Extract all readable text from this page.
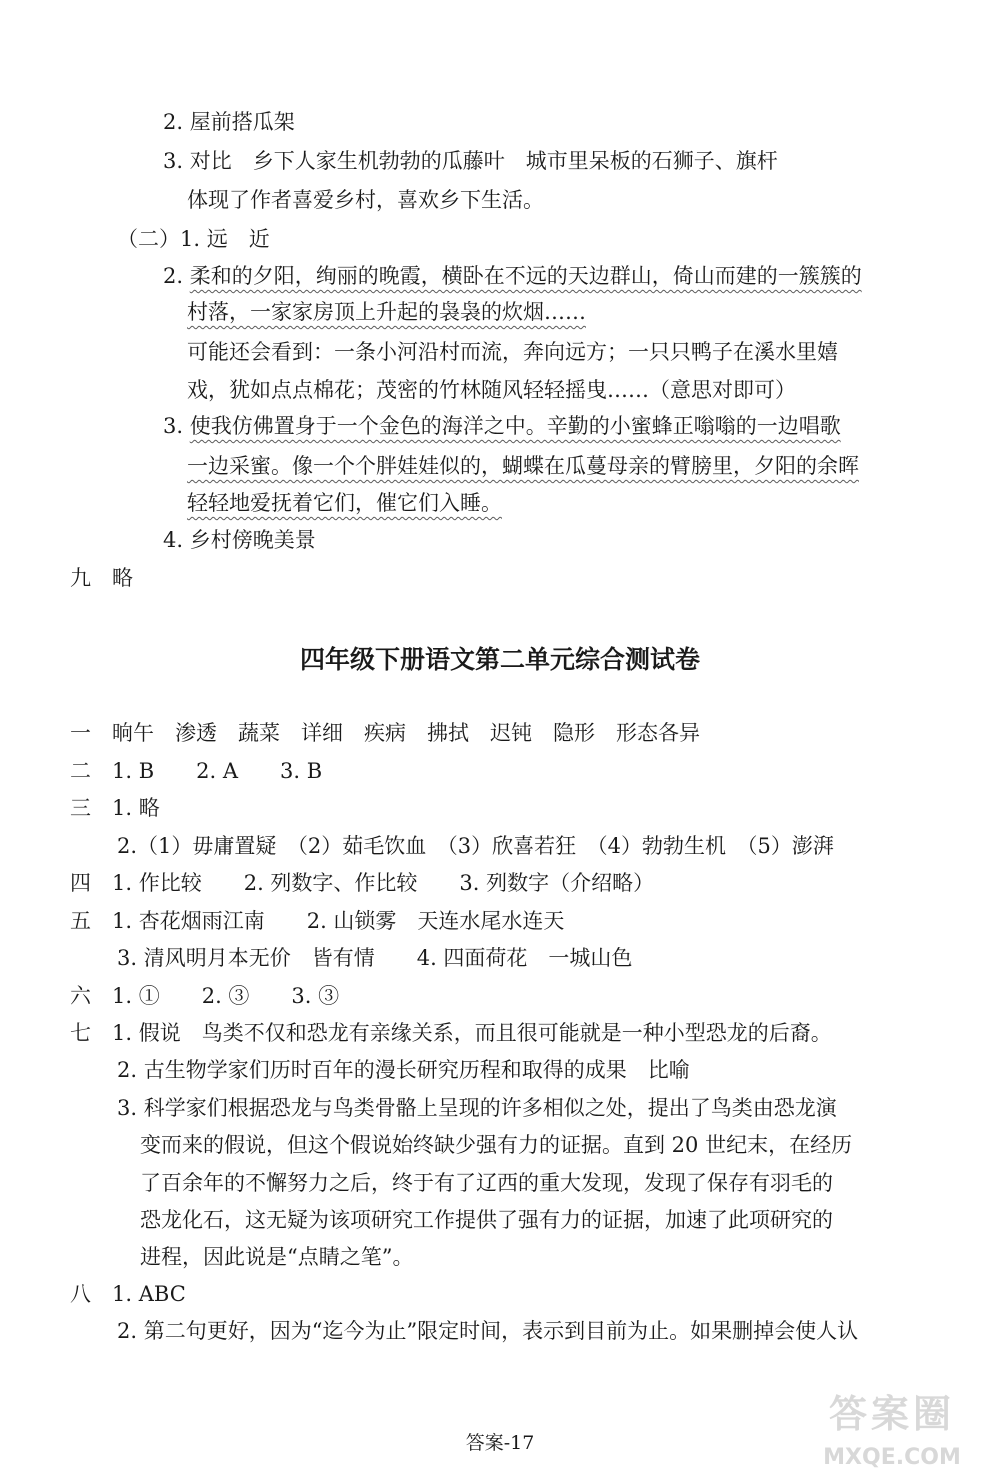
2. 屋前搭瓜架
3. 对比　乡下人家生机勃勃的瓜藤叶　城市里呆板的石狮子、旗杆
体现了作者喜爱乡村，喜欢乡下生活。
（二）1. 远　近
2. 柔和的夕阳，绚丽的晚霞，横卧在不远的天边群山，倚山而建的一簇簇的
村落，一家家房顶上升起的袅袅的炊烟……
可能还会看到：一条小河沿村而流，奔向远方；一只只鸭子在溪水里嬉
戏，犹如点点棉花；茂密的竹林随风轻轻摇曳……（意思对即可）
3. 使我仿佛置身于一个金色的海洋之中。辛勤的小蜜蜂正嗡嗡的一边唱歌
一边采蜜。像一个个胖娃娃似的，蝴蝶在瓜蔓母亲的臂膀里，夕阳的余晖
轻轻地爱抚着它们，催它们入睡。
4. 乡村傍晚美景
九　略
四年级下册语文第二单元综合测试卷
一　晌午　渗透　蔬菜　详细　疾病　拂拭　迟钝　隐形　形态各异
二　1. B　　2. A　　3. B
三　1. 略
2.（1）毋庸置疑　（2）茹毛饮血　（3）欣喜若狂　（4）勃勃生机　（5）澎湃
四　1. 作比较　　2. 列数字、作比较　　3. 列数字（介绍略）
五　1. 杏花烟雨江南　　2. 山锁雾　天连水尾水连天
3. 清风明月本无价　皆有情　　4. 四面荷花　一城山色
六　1. ①　　2. ③　　3. ③
七　1. 假说　鸟类不仅和恐龙有亲缘关系，而且很可能就是一种小型恐龙的后裔。
2. 古生物学家们历时百年的漫长研究历程和取得的成果　比喻
3. 科学家们根据恐龙与鸟类骨骼上呈现的许多相似之处，提出了鸟类由恐龙演
变而来的假说，但这个假说始终缺少强有力的证据。直到 20 世纪末，在经历
了百余年的不懈努力之后，终于有了辽西的重大发现，发现了保存有羽毛的
恐龙化石，这无疑为该项研究工作提供了强有力的证据，加速了此项研究的
进程，因此说是“点睛之笔”。
八　1. ABC
2. 第二句更好，因为“迄今为止”限定时间，表示到目前为止。如果删掉会使人认
答案-17
答案圈
MXQE.COM
